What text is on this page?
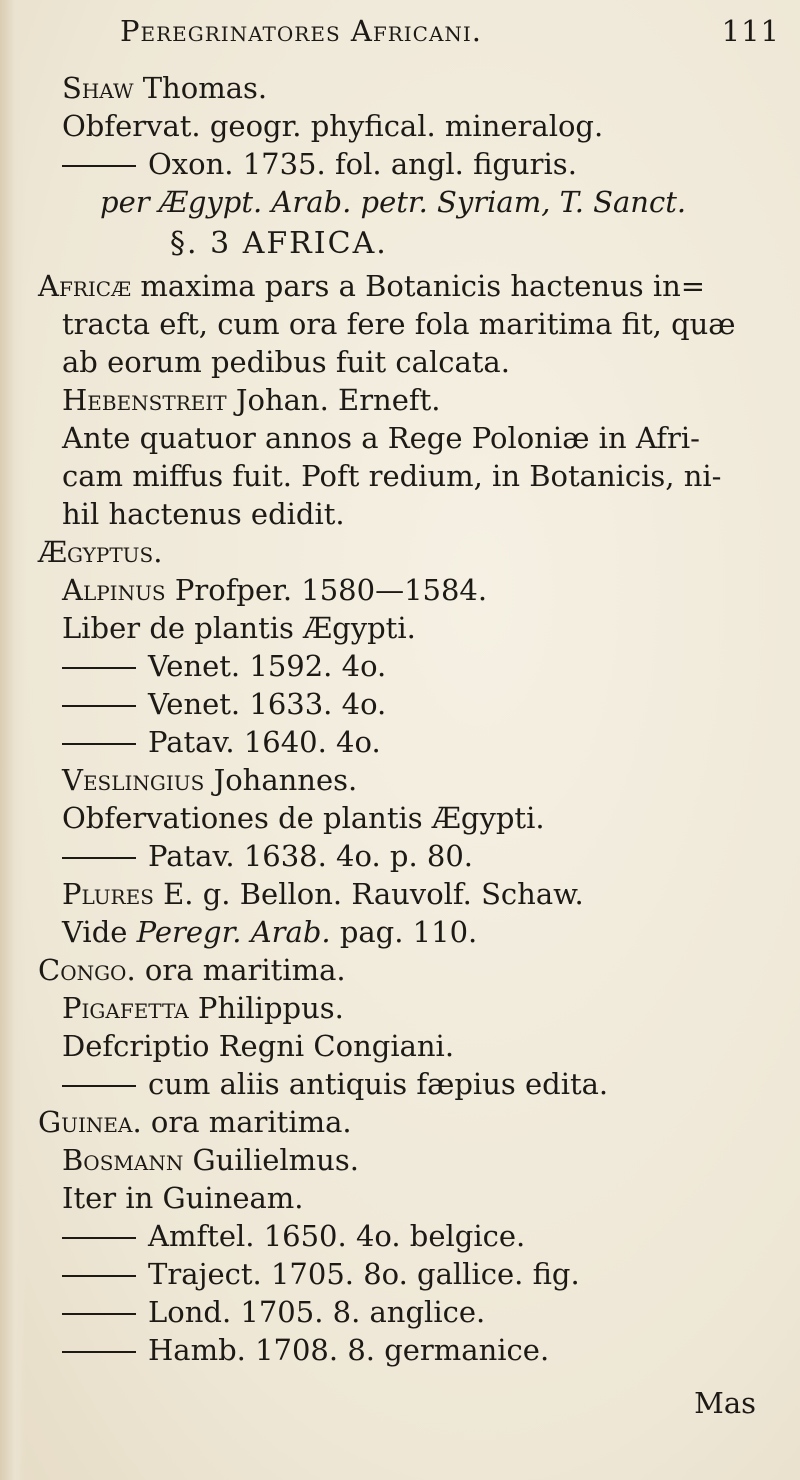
Peregrinatores Africani.	111
Shaw Thomas.
Obfervat. geogr. phyfical. mineralog.
Oxon. 1735. fol. angl. figuris.
per Ægypt. Arab. petr. Syriam, T. Sanct.
§. 3 AFRICA.
Africæ maxima pars a Botanicis hactenus in=
tracta eft, cum ora fere fola maritima fit, quæ
ab eorum pedibus fuit calcata.
Hebenstreit Johan. Erneft.
Ante quatuor annos a Rege Poloniæ in Afri-
cam miffus fuit. Poft redium, in Botanicis, ni-
hil hactenus edidit.
Ægyptus.
Alpinus Profper. 1580—1584.
Liber de plantis Ægypti.
Venet. 1592. 4o.
Venet. 1633. 4o.
Patav. 1640. 4o.
Veslingius Johannes.
Obfervationes de plantis Ægypti.
Patav. 1638. 4o. p. 80.
Plures E. g. Bellon. Rauvolf. Schaw.
Vide Peregr. Arab. pag. 110.
Congo. ora maritima.
Pigafetta Philippus.
Defcriptio Regni Congiani.
cum aliis antiquis fæpius edita.
Guinea. ora maritima.
Bosmann Guilielmus.
Iter in Guineam.
Amftel. 1650. 4o. belgice.
Traject. 1705. 8o. gallice. fig.
Lond. 1705. 8. anglice.
Hamb. 1708. 8. germanice.
Mas
